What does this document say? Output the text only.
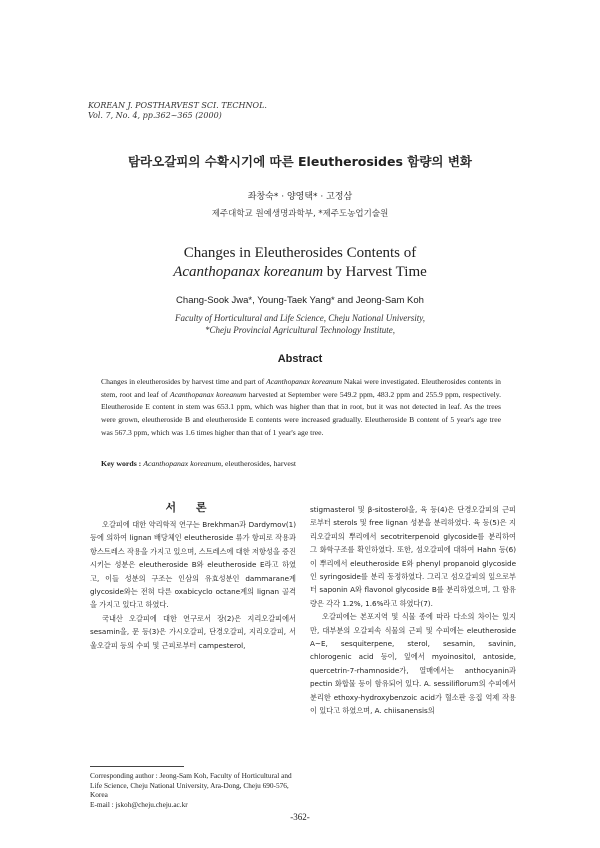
KOREAN J. POSTHARVEST SCI. TECHNOL.
Vol. 7, No. 4, pp.362~365 (2000)
탐라오갈피의 수확시기에 따른 Eleutherosides 함량의 변화
좌창숙* · 양영택* · 고정삼
제주대학교 원예생명과학부, *제주도농업기술원
Changes in Eleutherosides Contents of
Acanthopanax koreanum by Harvest Time
Chang-Sook Jwa*, Young-Taek Yang* and Jeong-Sam Koh
Faculty of Horticultural and Life Science, Cheju National University,
*Cheju Provincial Agricultural Technology Institute,
Abstract
Changes in eleutherosides by harvest time and part of Acanthopanax koreanum Nakai were investigated. Eleutherosides contents in stem, root and leaf of Acanthopanax koreanum harvested at September were 549.2 ppm, 483.2 ppm and 255.9 ppm, respectively. Eleutheroside E content in stem was 653.1 ppm, which was higher than that in root, but it was not detected in leaf. As the trees were grown, eleutheroside B and eleutheroside E contents were increased gradually. Eleutheroside B content of 5 year's age tree was 567.3 ppm, which was 1.6 times higher than that of 1 year's age tree.
Key words : Acanthopanax koreanum, eleutherosides, harvest
서 론

오갈피에 대한 약리학적 연구는 Brekhman과 Dardymov(1) 등에 의하여 lignan 배당체인 eleutheroside 류가 항피로 작용과 항스트레스 작용을 가지고 있으며, 스트레스에 대한 저항성을 증진시키는 성분은 eleutheroside B와 eleutheroside E라고 하였고, 이들 성분의 구조는 인삼의 유효성분인 dammarane계 glycoside와는 전혀 다른 oxabicyclo octane계의 lignan 골격을 가지고 있다고 하였다.

국내산 오갈피에 대한 연구로서 장(2)은 지리오갈피에서 sesamin을, 문 등(3)은 가시오갈피, 단경오갈피, 지리오갈피, 서울오갈피 등의 수피 및 근피로부터 campesterol,

stigmasterol 및 β-sitosterol을, 육 등(4)은 단경오갈피의 근피로부터 sterols 및 free lignan 성분을 분리하였다. 육 등(5)은 지리오갈피의 뿌리에서 secotriterpenoid glycoside를 분리하여 그 화학구조를 확인하였다. 또한, 섬오갈피에 대하여 Hahn 등(6)이 뿌리에서 eleutheroside E와 phenyl propanoid glycoside인 syringoside를 분리 동정하였다. 그리고 섬오갈피의 잎으로부터 saponin A와 flavonol glycoside B를 분리하였으며, 그 함유량은 각각 1.2%, 1.6%라고 하였다(7).

오갈피에는 본포지역 및 식물 종에 따라 다소의 차이는 있지만, 대부분의 오갈피속 식물의 근피 및 수피에는 eleutheroside A~E, sesquiterpene, sterol, sesamin, savinin, chlorogenic acid 등이, 잎에서 myoinositol, antoside, quercetrin-7-rhamnoside가, 열매에서는 anthocyanin과 pectin 화합물 등이 함유되어 있다. A. sessiliflorum의 수피에서 분리한 ethoxy-hydroxybenzoic acid가 혈소판 응집 억제 작용이 있다고 하였으며, A. chiisanensis의

Corresponding author : Jeong-Sam Koh, Faculty of Horticultural and Life Science, Cheju National University, Ara-Dong, Cheju 690-576, Korea
E-mail : jskoh@cheju.cheju.ac.kr
-362-
